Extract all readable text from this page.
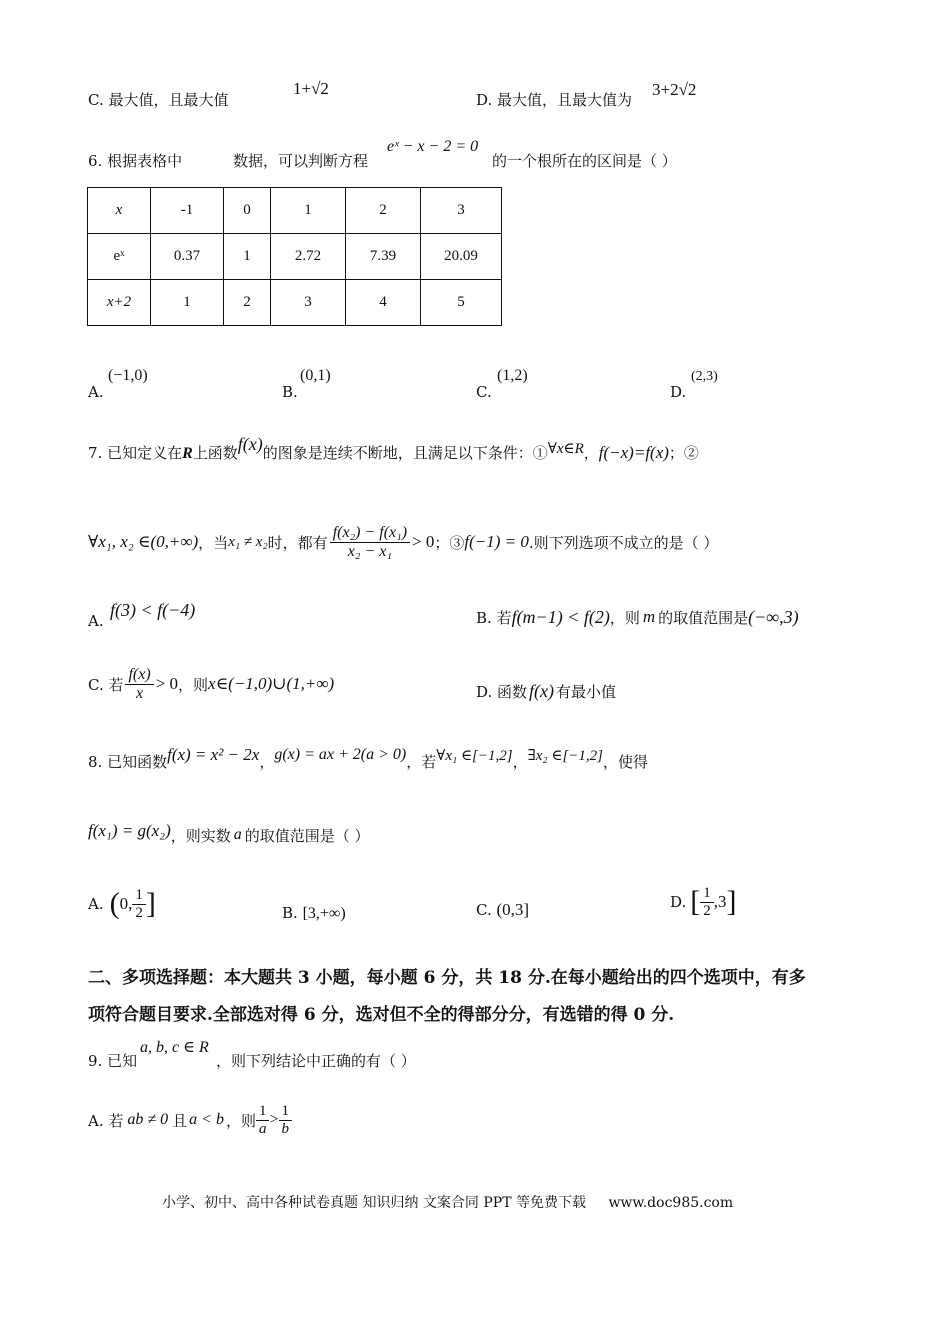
C. 最大值，且最大值
1+√2
D. 最大值，且最大值为
3+2√2
6. 根据表格中	数据，可以判断方程
eˣ − x − 2 = 0
的一个根所在的区间是（ ）
x	-1	0	1	2	3
eˣ	0.37	1	2.72	7.39	20.09
x+2	1	2	3	4	5
A.
(−1,0)
B.
(0,1)
C.
(1,2)
D.
(2,3)
7. 已知定义在R上函数f(x)的图象是连续不断地，且满足以下条件：①∀x∈R，f(−x)=f(x)；②
∀x₁, x₂ ∈(0,+∞) ，当 x₁ ≠ x₂ 时，都有 $\frac{\text{f(x₂) − f(x₁)}}{\text{x₂ − x₁}} > 0$ ；③ f(−1) = 0 .则下列选项不成立的是（ ）
A.
f(3) < f(−4)	B. 若 f(m−1) < f(2) ，则 m 的取值范围是 (−∞,3)
C. 若 $\frac{f(x)}{x} > 0$ ，则 x∈(−1,0)∪(1,+∞)	D. 函数 f(x) 有最小值
8. 已知函数 f(x) = x² − 2x ， g(x) = ax + 2(a > 0) ，若 ∀x₁ ∈[−1,2] ， ∃x₂ ∈[−1,2] ，使得
f(x₁) = g(x₂) ，则实数 a 的取值范围是（ ）
A. ( 0, $\frac{1}{2}$ ]	B. [3,+∞)	C. (0,3]	D. [ $\frac{1}{2} ,3$ ]
二、多项选择题：本大题共 3 小题，每小题 6 分，共 18 分.在每小题给出的四个选项中，有多
项符合题目要求.全部选对得 6 分，选对但不全的得部分分，有选错的得 0 分.
9. 已知
a, b, c ∈ R
，则下列结论中正确的有（ ）
A. 若 ab ≠ 0 且 a < b ，则 $\frac{1}{a} > \frac{1}{b}$
小学、初中、高中各种试卷真题 知识归纳 文案合同 PPT 等免费下载 www.doc985.com
